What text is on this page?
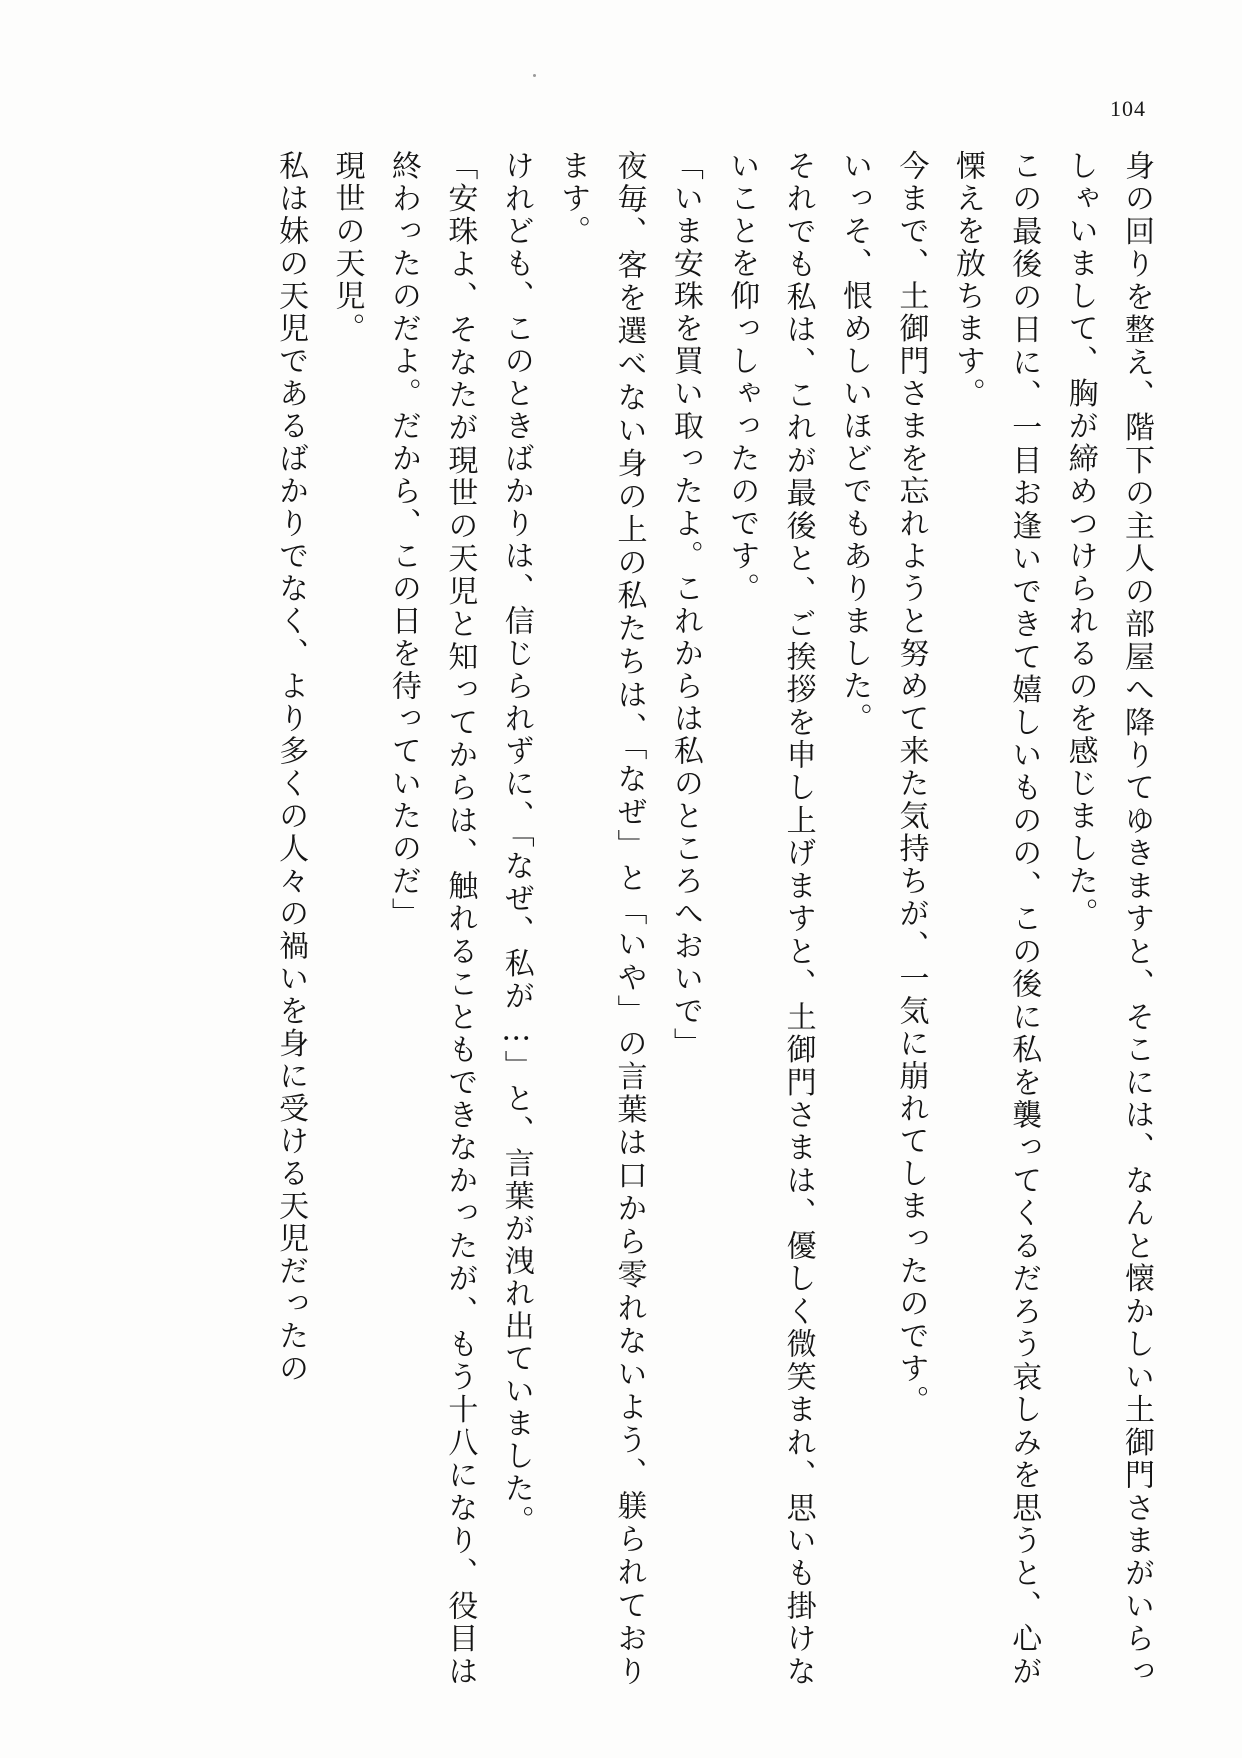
104

身の回りを整え、階下の主人の部屋へ降りてゆきますと、そこには、なんと懐かしい土御門さまがいらっしゃいまして、胸が締めつけられるのを感じました。

この最後の日に、一目お逢いできて嬉しいものの、この後に私を襲ってくるだろう哀しみを思うと、心が慄えを放ちます。

今まで、土御門さまを忘れようと努めて来た気持ちが、一気に崩れてしまったのです。

いっそ、恨めしいほどでもありました。

それでも私は、これが最後と、ご挨拶を申し上げますと、土御門さまは、優しく微笑まれ、思いも掛けないことを仰っしゃったのです。

「いま安珠を買い取ったよ。これからは私のところへおいで」

夜毎、客を選べない身の上の私たちは、「なぜ」と「いや」の言葉は口から零れないよう、躾られております。

けれども、このときばかりは、信じられずに、「なぜ、私が…」と、言葉が洩れ出ていました。

「安珠よ、そなたが現世の天児と知ってからは、触れることもできなかったが、もう十八になり、役目は終わったのだよ。だから、この日を待っていたのだ」

現世の天児。

私は妹の天児であるばかりでなく、より多くの人々の禍いを身に受ける天児だったの
